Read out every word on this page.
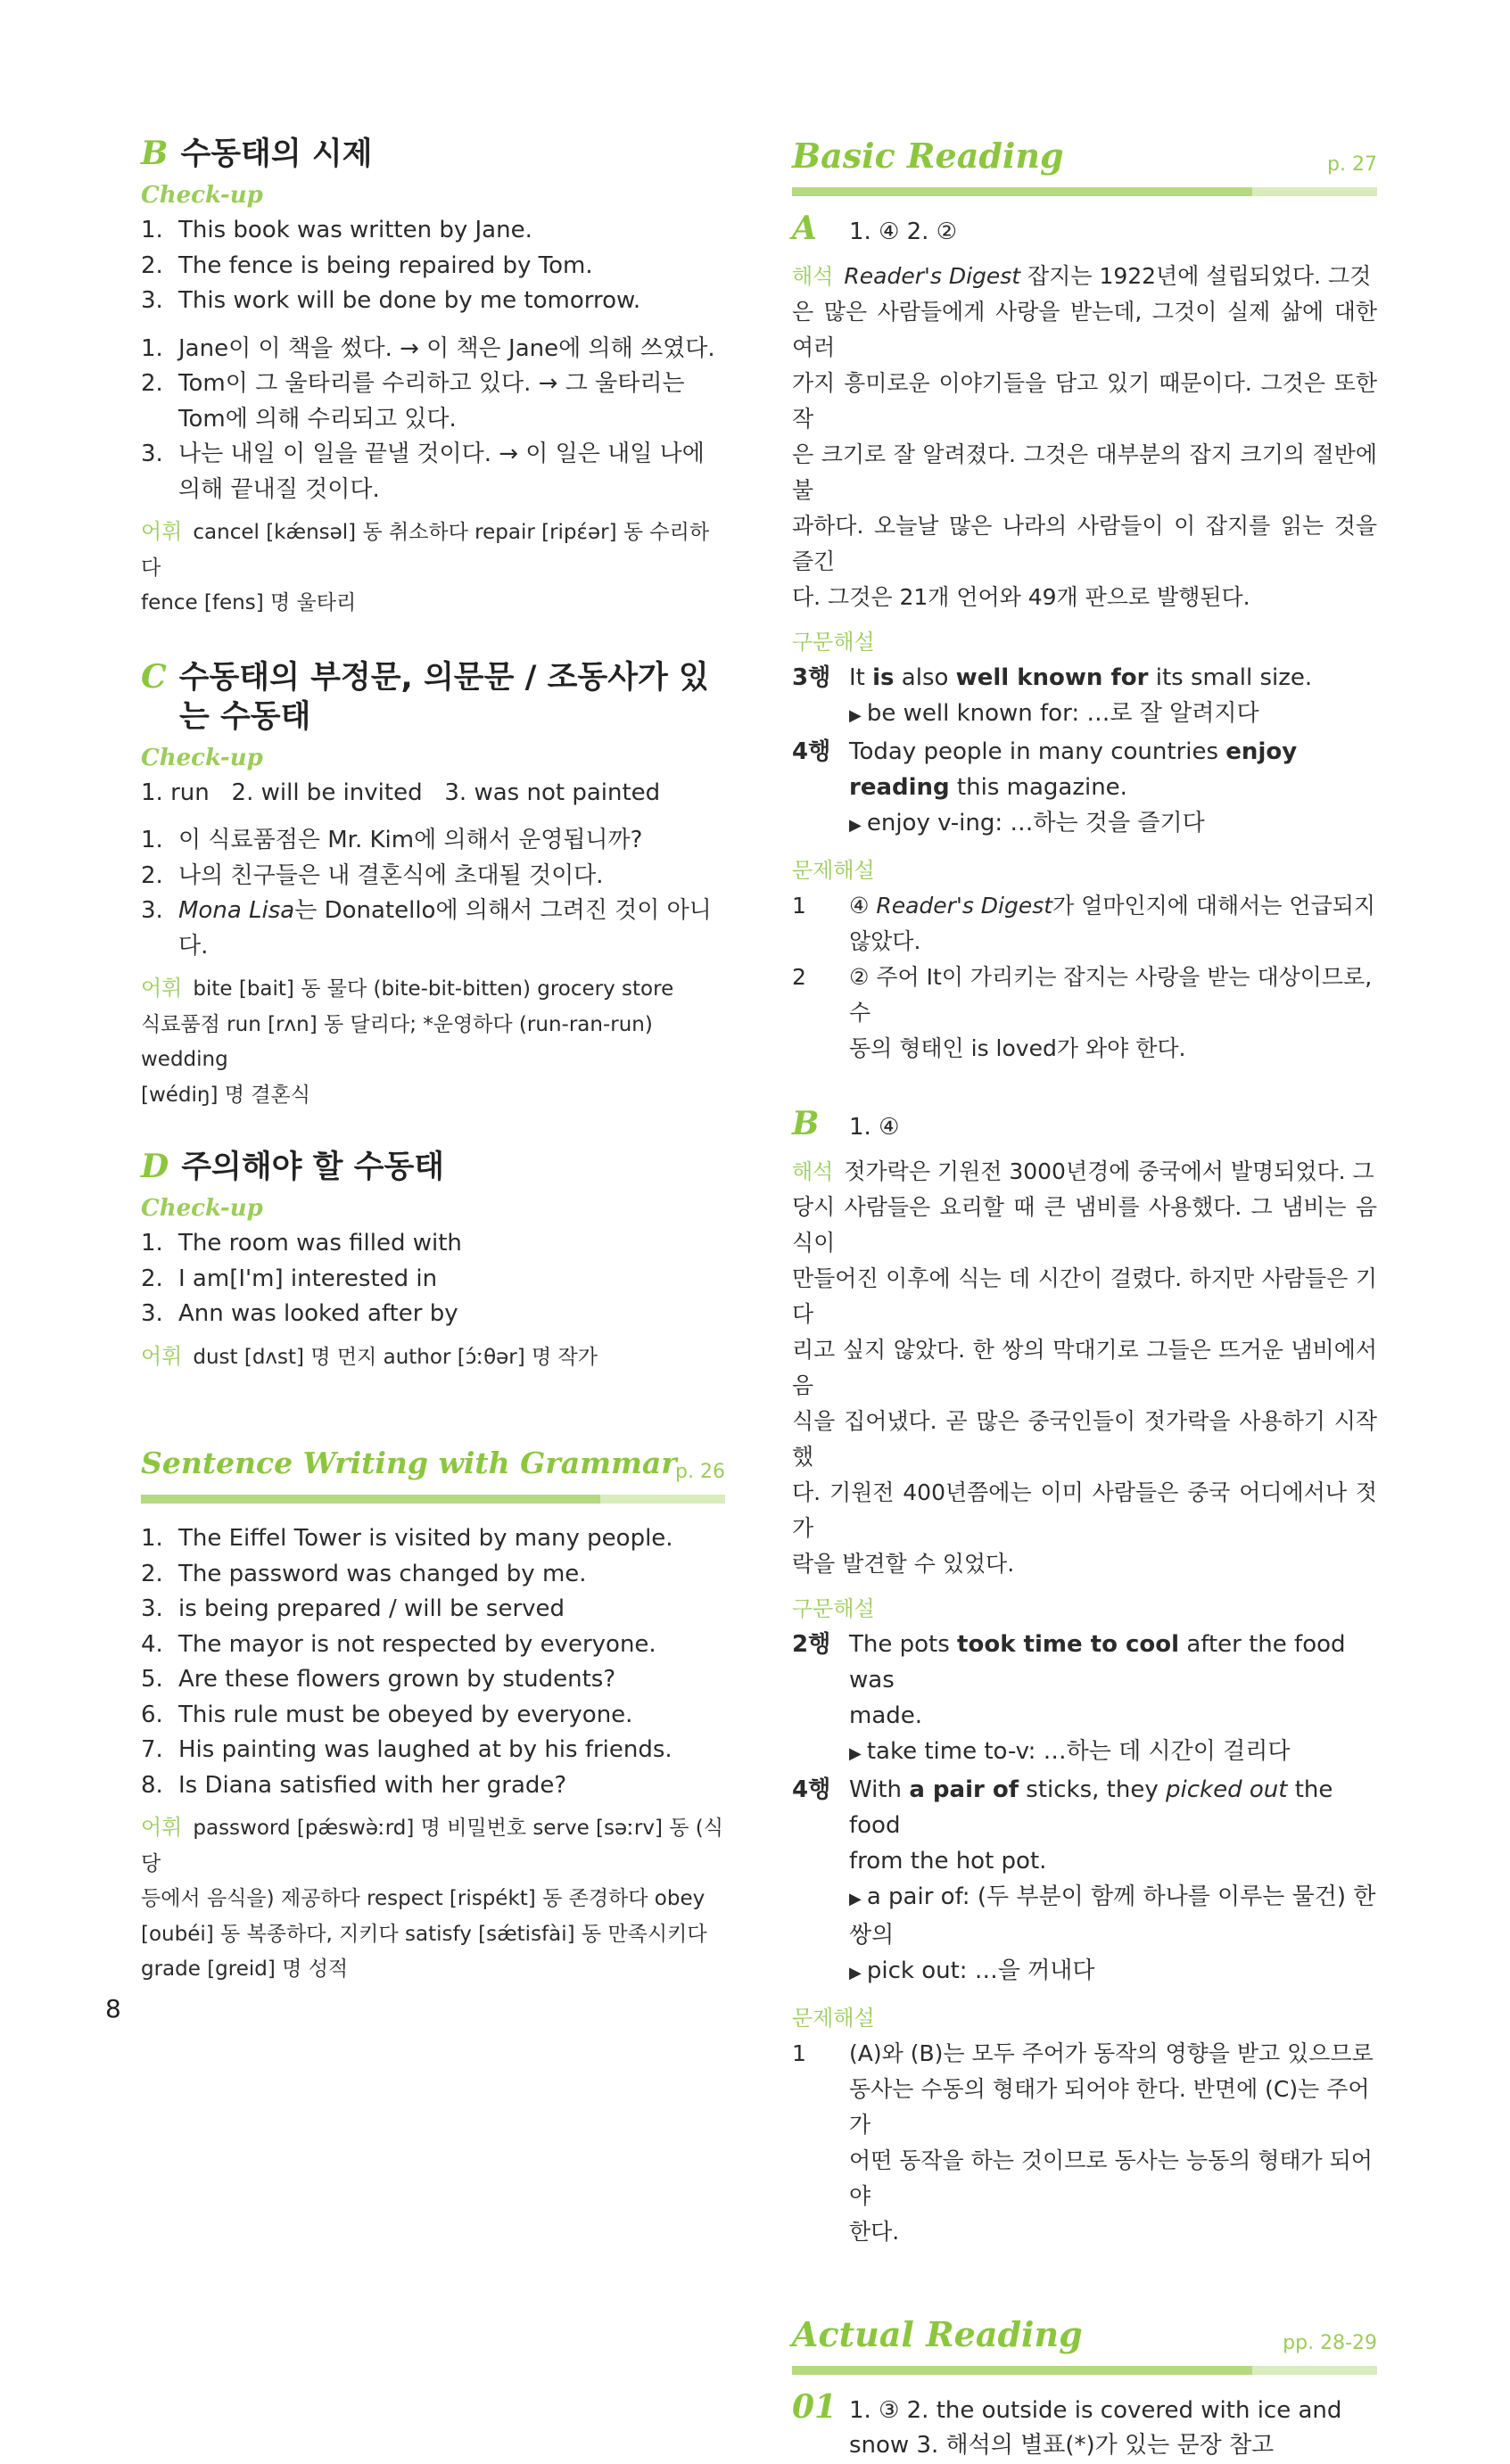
B 수동태의 시제
Check-up
1. This book was written by Jane.
2. The fence is being repaired by Tom.
3. This work will be done by me tomorrow.
1. Jane이 이 책을 썼다. → 이 책은 Jane에 의해 쓰였다.
2. Tom이 그 울타리를 수리하고 있다. → 그 울타리는 Tom에 의해 수리되고 있다.
3. 나는 내일 이 일을 끝낼 것이다. → 이 일은 내일 나에 의해 끝내질 것이다.
어휘 cancel [kǽnsəl] 동 취소하다 repair [ripέər] 동 수리하다
fence [fens] 명 울타리
C 수동태의 부정문, 의문문 / 조동사가 있
는 수동태
Check-up
1. run 2. will be invited 3. was not painted
1. 이 식료품점은 Mr. Kim에 의해서 운영됩니까?
2. 나의 친구들은 내 결혼식에 초대될 것이다.
3. Mona Lisa는 Donatello에 의해서 그려진 것이 아니다.
어휘 bite [bait] 동 물다 (bite-bit-bitten) grocery store
식료품점 run [rʌn] 동 달리다; *운영하다 (run-ran-run) wedding
[wédiŋ] 명 결혼식
D 주의해야 할 수동태
Check-up
1. The room was filled with
2. I am[I'm] interested in
3. Ann was looked after by
어휘 dust [dʌst] 명 먼지 author [ɔ́ːθər] 명 작가
Sentence Writing with Grammar
p. 26
1. The Eiffel Tower is visited by many people.
2. The password was changed by me.
3. is being prepared / will be served
4. The mayor is not respected by everyone.
5. Are these flowers grown by students?
6. This rule must be obeyed by everyone.
7. His painting was laughed at by his friends.
8. Is Diana satisfied with her grade?
어휘 password [pǽswə̀ːrd] 명 비밀번호 serve [səːrv] 동 (식당
등에서 음식을) 제공하다 respect [rispékt] 동 존경하다 obey
[oubéi] 동 복종하다, 지키다 satisfy [sǽtisfài] 동 만족시키다
grade [greid] 명 성적
Basic Reading	p. 27
A	1. ④ 2. ②
해석 Reader's Digest 잡지는 1922년에 설립되었다. 그것
은 많은 사람들에게 사랑을 받는데, 그것이 실제 삶에 대한 여러
가지 흥미로운 이야기들을 담고 있기 때문이다. 그것은 또한 작
은 크기로 잘 알려졌다. 그것은 대부분의 잡지 크기의 절반에 불
과하다. 오늘날 많은 나라의 사람들이 이 잡지를 읽는 것을 즐긴
다. 그것은 21개 언어와 49개 판으로 발행된다.
구문해설
3행 It is also well known for its small size.
▶ be well known for: …로 잘 알려지다
4행 Today people in many countries enjoy
reading this magazine.
▶ enjoy v-ing: …하는 것을 즐기다
문제해설
1	④ Reader's Digest가 얼마인지에 대해서는 언급되지
않았다.
2	② 주어 It이 가리키는 잡지는 사랑을 받는 대상이므로, 수
동의 형태인 is loved가 와야 한다.
B	1. ④
해석 젓가락은 기원전 3000년경에 중국에서 발명되었다. 그
당시 사람들은 요리할 때 큰 냄비를 사용했다. 그 냄비는 음식이
만들어진 이후에 식는 데 시간이 걸렸다. 하지만 사람들은 기다
리고 싶지 않았다. 한 쌍의 막대기로 그들은 뜨거운 냄비에서 음
식을 집어냈다. 곧 많은 중국인들이 젓가락을 사용하기 시작했
다. 기원전 400년쯤에는 이미 사람들은 중국 어디에서나 젓가
락을 발견할 수 있었다.
구문해설
2행 The pots took time to cool after the food was
made.
▶ take time to-v: …하는 데 시간이 걸리다
4행 With a pair of sticks, they picked out the food
from the hot pot.
▶ a pair of: (두 부분이 함께 하나를 이루는 물건) 한 쌍의
▶ pick out: …을 꺼내다
문제해설
1	(A)와 (B)는 모두 주어가 동작의 영향을 받고 있으므로
동사는 수동의 형태가 되어야 한다. 반면에 (C)는 주어가
어떤 동작을 하는 것이므로 동사는 능동의 형태가 되어야
한다.
Actual Reading	pp. 28-29
01 1. ③ 2. the outside is covered with ice and
snow 3. 해석의 별표(*)가 있는 문장 참고
8
